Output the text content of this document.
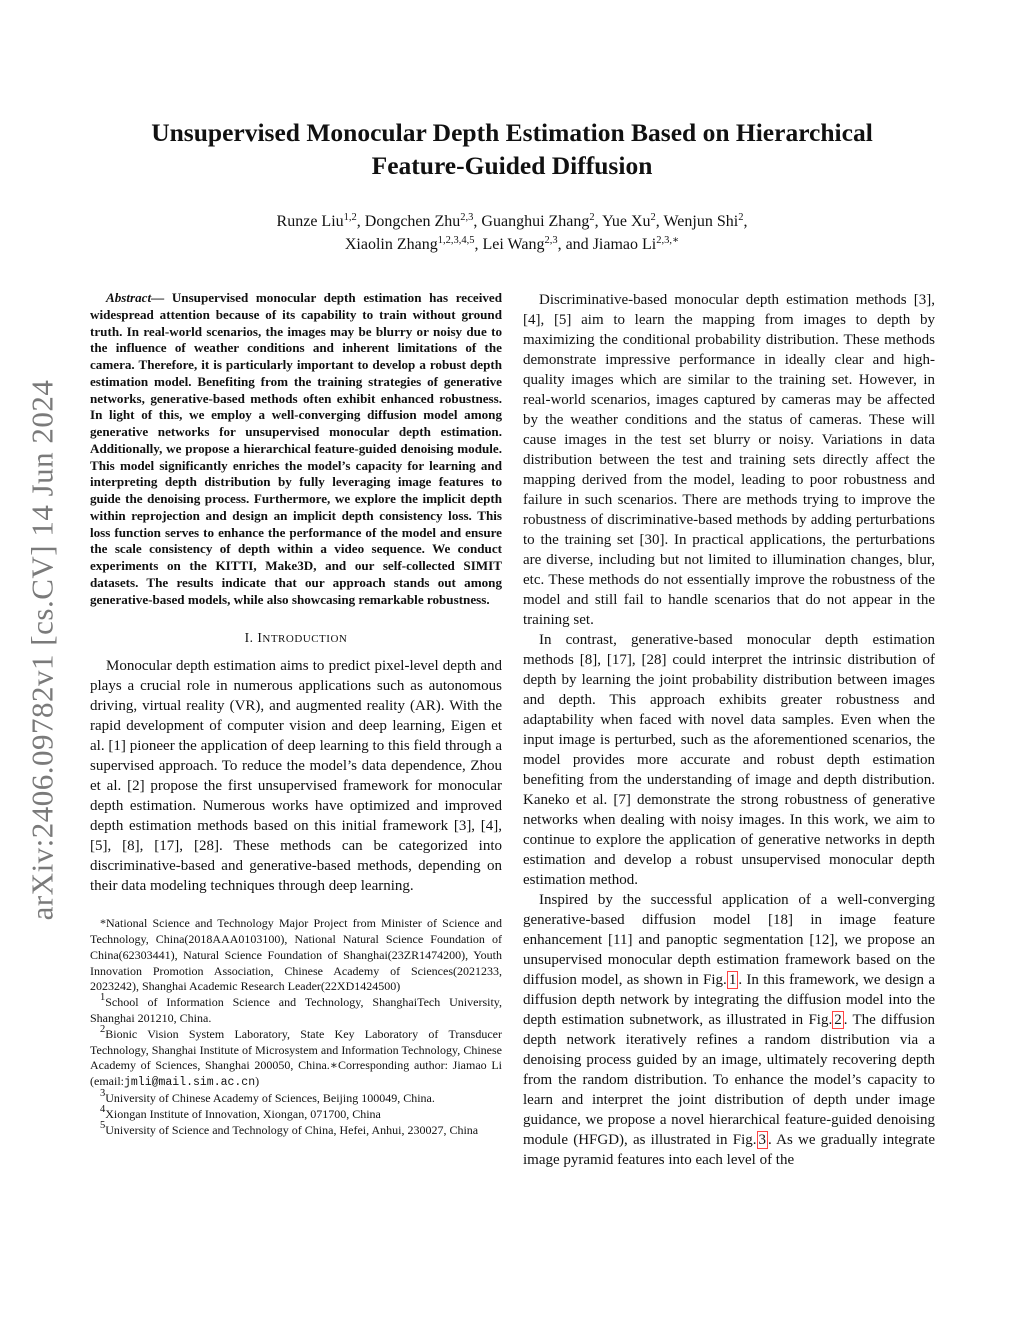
arXiv:2406.09782v1 [cs.CV] 14 Jun 2024
Unsupervised Monocular Depth Estimation Based on Hierarchical
Feature-Guided Diffusion
Runze Liu$^{1,2}$, Dongchen Zhu$^{2,3}$, Guanghui Zhang$^2$, Yue Xu$^2$, Wenjun Shi$^2$,
Xiaolin Zhang$^{1,2,3,4,5}$, Lei Wang$^{2,3}$, and Jiamao $Li^{2,3,∗}$

Abstract— Unsupervised monocular depth estimation has received widespread attention because of its capability to train without ground truth. In real-world scenarios, the images may be blurry or noisy due to the influence of weather conditions and inherent limitations of the camera. Therefore, it is particularly important to develop a robust depth estimation model. Benefiting from the training strategies of generative networks, generative-based methods often exhibit enhanced robustness. In light of this, we employ a well-converging diffusion model among generative networks for unsupervised monocular depth estimation. Additionally, we propose a hierarchical feature-guided denoising module. This model significantly enriches the model’s capacity for learning and interpreting depth distribution by fully leveraging image features to guide the denoising process. Furthermore, we explore the implicit depth within reprojection and design an implicit depth consistency loss. This loss function serves to enhance the performance of the model and ensure the scale consistency of depth within a video sequence. We conduct experiments on the KITTI, Make3D, and our self-collected SIMIT datasets. The results indicate that our approach stands out among generative-based models, while also showcasing remarkable robustness.

I. INTRODUCTION

Monocular depth estimation aims to predict pixel-level depth and plays a crucial role in numerous applications such as autonomous driving, virtual reality (VR), and augmented reality (AR). With the rapid development of computer vision and deep learning, Eigen et al. [1] pioneer the application of deep learning to this field through a supervised approach. To reduce the model’s data dependence, Zhou et al. [2] propose the first unsupervised framework for monocular depth estimation. Numerous works have optimized and improved depth estimation methods based on this initial framework [3], [4], [5], [8], [17], [28]. These methods can be categorized into discriminative-based and generative-based methods, depending on their data modeling techniques through deep learning.

*National Science and Technology Major Project from Minister of Science and Technology, China(2018AAA0103100), National Natural Science Foundation of China(62303441), Natural Science Foundation of Shanghai(23ZR1474200), Youth Innovation Promotion Association, Chinese Academy of Sciences(2021233, 2023242), Shanghai Academic Research Leader(22XD1424500)

$^1$School of Information Science and Technology, ShanghaiTech University, Shanghai 201210, China.

$^2$Bionic Vision System Laboratory, State Key Laboratory of Transducer Technology, Shanghai Institute of Microsystem and Information Technology, Chinese Academy of Sciences, Shanghai 200050, China.∗Corresponding author: Jiamao Li (email:jmli@mail.sim.ac.cn)

$^3$University of Chinese Academy of Sciences, Beijing 100049, China.

$^4$Xiongan Institute of Innovation, Xiongan, 071700, China

$^5$University of Science and Technology of China, Hefei, Anhui, 230027, China

Discriminative-based monocular depth estimation methods [3], [4], [5] aim to learn the mapping from images to depth by maximizing the conditional probability distribution. These methods demonstrate impressive performance in ideally clear and high-quality images which are similar to the training set. However, in real-world scenarios, images captured by cameras may be affected by the weather conditions and the status of cameras. These will cause images in the test set blurry or noisy. Variations in data distribution between the test and training sets directly affect the mapping derived from the model, leading to poor robustness and failure in such scenarios. There are methods trying to improve the robustness of discriminative-based methods by adding perturbations to the training set [30]. In practical applications, the perturbations are diverse, including but not limited to illumination changes, blur, etc. These methods do not essentially improve the robustness of the model and still fail to handle scenarios that do not appear in the training set.

In contrast, generative-based monocular depth estimation methods [8], [17], [28] could interpret the intrinsic distribution of depth by learning the joint probability distribution between images and depth. This approach exhibits greater robustness and adaptability when faced with novel data samples. Even when the input image is perturbed, such as the aforementioned scenarios, the model provides more accurate and robust depth estimation benefiting from the understanding of image and depth distribution. Kaneko et al. [7] demonstrate the strong robustness of generative networks when dealing with noisy images. In this work, we aim to continue to explore the application of generative networks in depth estimation and develop a robust unsupervised monocular depth estimation method.

Inspired by the successful application of a well-converging generative-based diffusion model [18] in image feature enhancement [11] and panoptic segmentation [12], we propose an unsupervised monocular depth estimation framework based on the diffusion model, as shown in Fig. 1 . In this framework, we design a diffusion depth network by integrating the diffusion model into the depth estimation subnetwork, as illustrated in Fig. 2 . The diffusion depth network iteratively refines a random distribution via a denoising process guided by an image, ultimately recovering depth from the random distribution. To enhance the model’s capacity to learn and interpret the joint distribution of depth under image guidance, we propose a novel hierarchical feature-guided denoising module (HFGD), as illustrated in Fig. 3 . As we gradually integrate image pyramid features into each level of the
